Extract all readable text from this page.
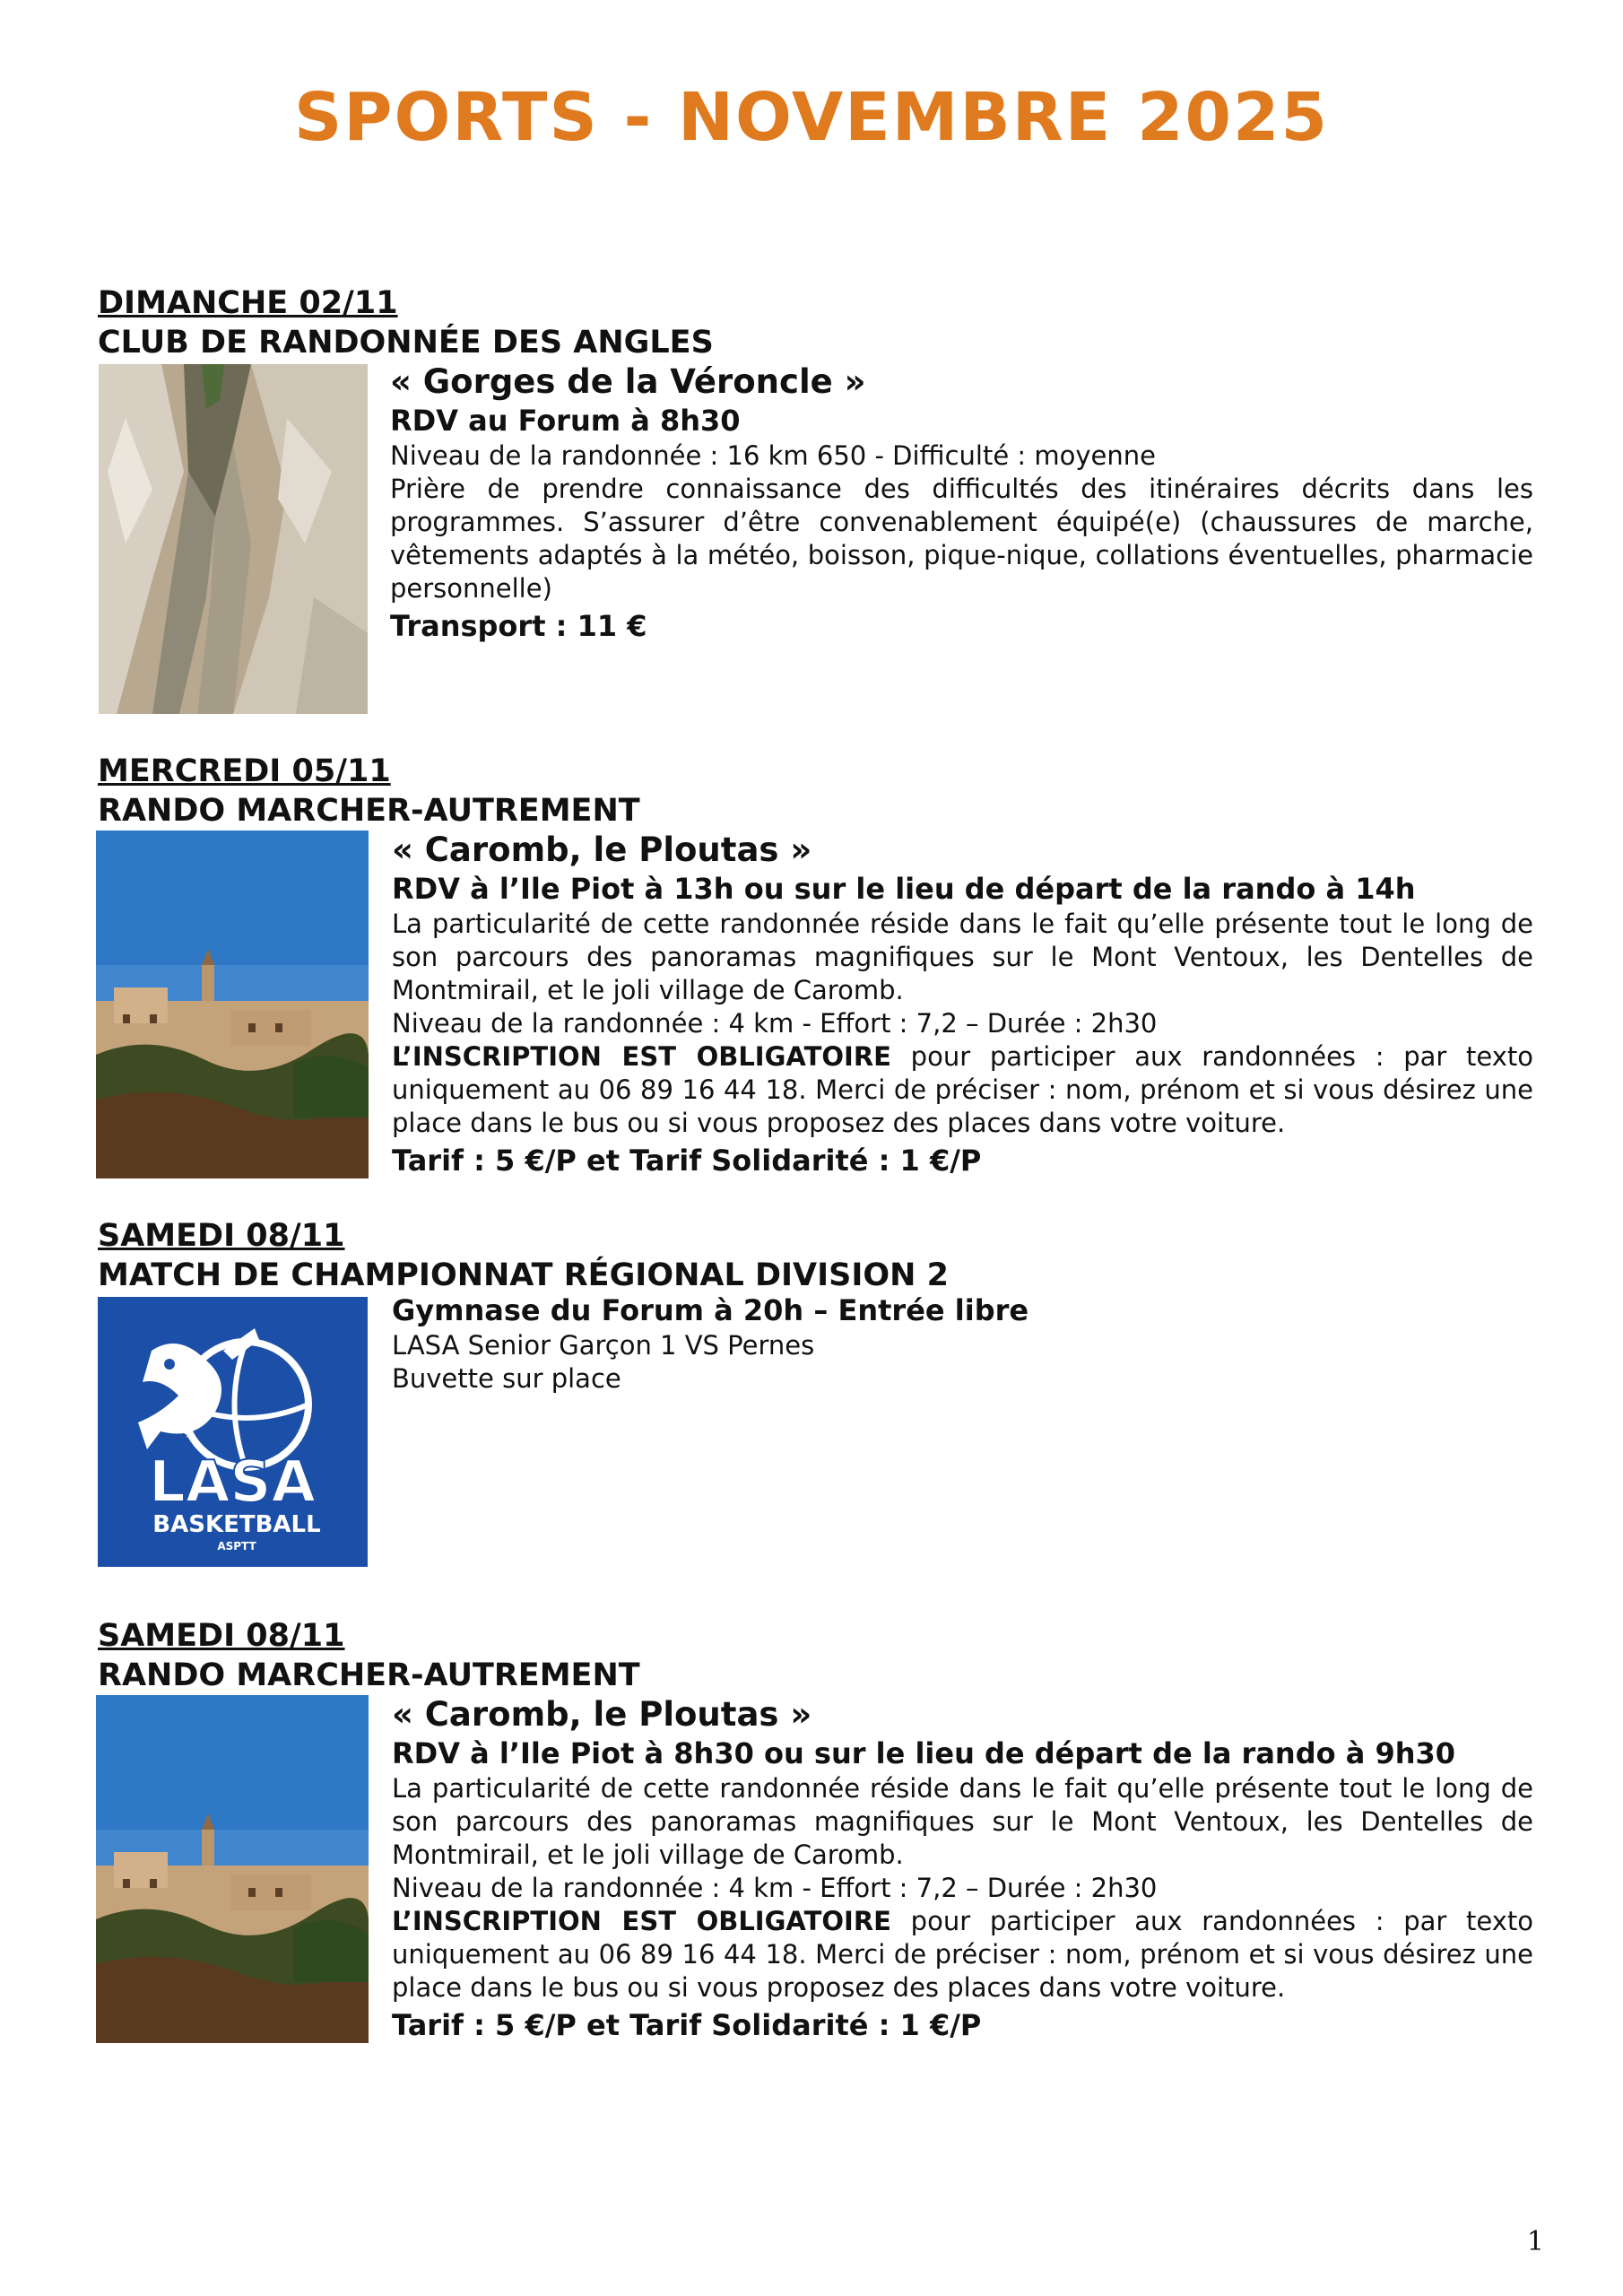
SPORTS - NOVEMBRE 2025
DIMANCHE 02/11
CLUB DE RANDONNÉE DES ANGLES
« Gorges de la Véroncle »
RDV au Forum à 8h30
Niveau de la randonnée : 16 km 650 - Difficulté : moyenne
Prière de prendre connaissance des difficultés des itinéraires décrits dans les programmes. S’assurer d’être convenablement équipé(e) (chaussures de marche, vêtements adaptés à la météo, boisson, pique-nique, collations éventuelles, pharmacie personnelle)
Transport : 11 €
MERCREDI 05/11
RANDO MARCHER-AUTREMENT
« Caromb, le Ploutas »
RDV à l’Ile Piot à 13h ou sur le lieu de départ de la rando à 14h
La particularité de cette randonnée réside dans le fait qu’elle présente tout le long de son parcours des panoramas magnifiques sur le Mont Ventoux, les Dentelles de Montmirail, et le joli village de Caromb.
Niveau de la randonnée : 4 km - Effort : 7,2 – Durée : 2h30
L’INSCRIPTION EST OBLIGATOIRE pour participer aux randonnées : par texto uniquement au 06 89 16 44 18. Merci de préciser : nom, prénom et si vous désirez une place dans le bus ou si vous proposez des places dans votre voiture.
Tarif : 5 €/P et Tarif Solidarité : 1 €/P
SAMEDI 08/11
MATCH DE CHAMPIONNAT RÉGIONAL DIVISION 2
1995
LASA
BASKETBALL
ASPTT
Gymnase du Forum à 20h – Entrée libre
LASA Senior Garçon 1 VS Pernes
Buvette sur place
SAMEDI 08/11
RANDO MARCHER-AUTREMENT
« Caromb, le Ploutas »
RDV à l’Ile Piot à 8h30 ou sur le lieu de départ de la rando à 9h30
La particularité de cette randonnée réside dans le fait qu’elle présente tout le long de son parcours des panoramas magnifiques sur le Mont Ventoux, les Dentelles de Montmirail, et le joli village de Caromb.
Niveau de la randonnée : 4 km - Effort : 7,2 – Durée : 2h30
L’INSCRIPTION EST OBLIGATOIRE pour participer aux randonnées : par texto uniquement au 06 89 16 44 18. Merci de préciser : nom, prénom et si vous désirez une place dans le bus ou si vous proposez des places dans votre voiture.
Tarif : 5 €/P et Tarif Solidarité : 1 €/P
1
